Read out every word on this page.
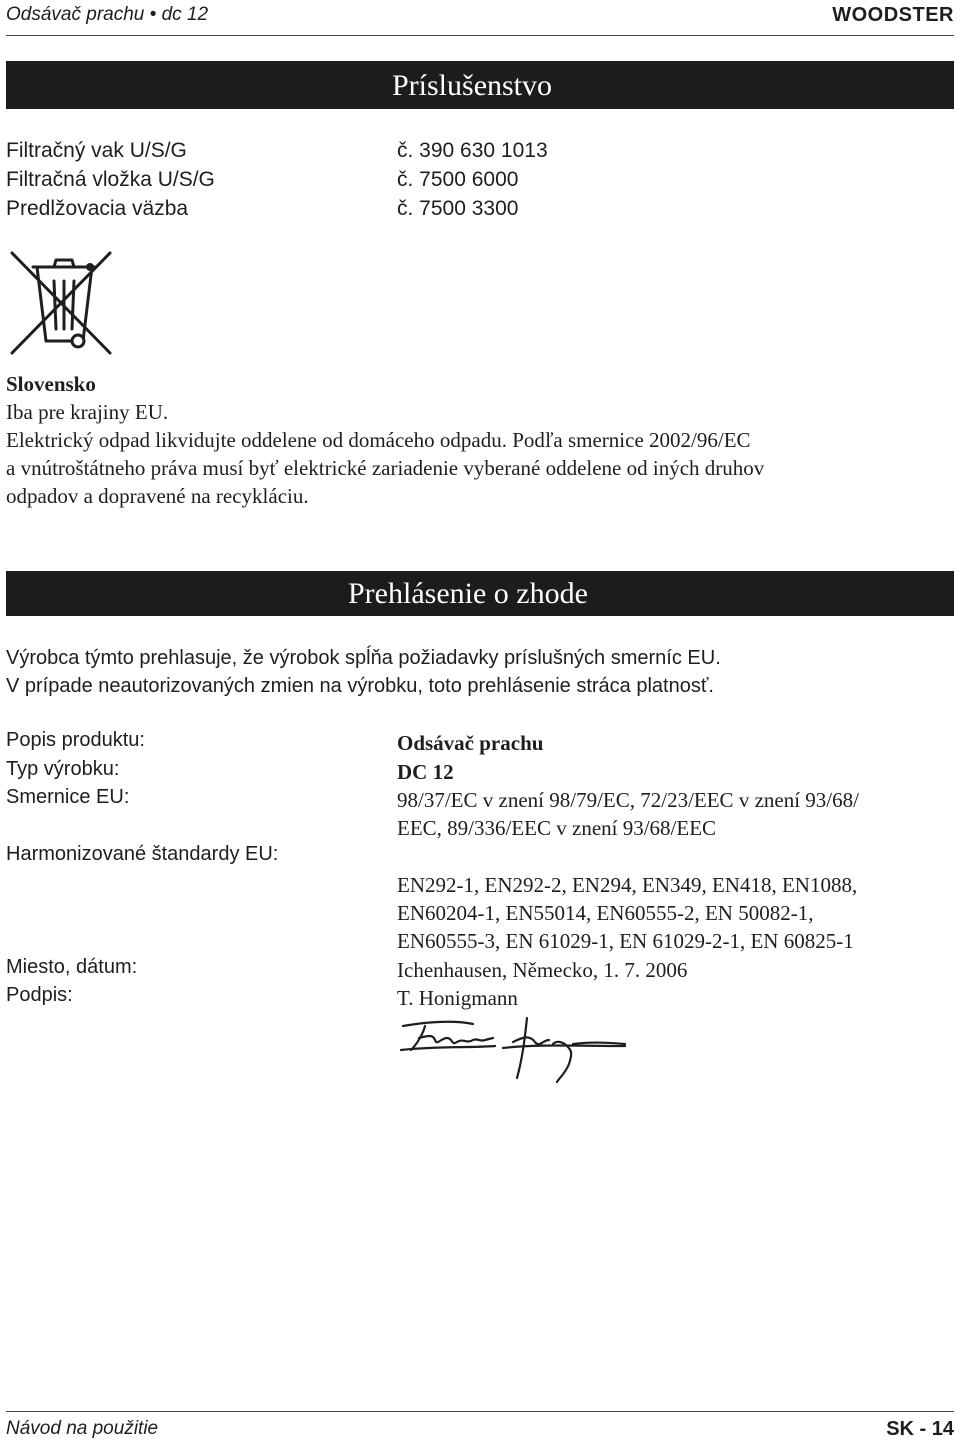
Odsávač prachu • dc 12	WOODSTER
Príslušenstvo
Filtračný vak U/S/G	č. 390 630 1013
Filtračná vložka U/S/G	č. 7500 6000
Predlžovacia väzba	č. 7500 3300
Slovensko
Iba pre krajiny EU.
Elektrický odpad likvidujte oddelene od domáceho odpadu. Podľa smernice 2002/96/EC
a vnútroštátneho práva musí byť elektrické zariadenie vyberané oddelene od iných druhov
odpadov a dopravené na recykláciu.
Prehlásenie o zhode
Výrobca týmto prehlasuje, že výrobok spĺňa požiadavky príslušných smerníc EU.
V prípade neautorizovaných zmien na výrobku, toto prehlásenie stráca platnosť.
Popis produktu:	Odsávač prachu
Typ výrobku:	DC 12
Smernice EU:	98/37/EC v znení 98/79/EC, 72/23/EEC v znení 93/68/
EEC, 89/336/EEC v znení 93/68/EEC
Harmonizované štandardy EU:
EN292-1, EN292-2, EN294, EN349, EN418, EN1088,
EN60204-1, EN55014, EN60555-2, EN 50082-1,
EN60555-3, EN 61029-1, EN 61029-2-1, EN 60825-1
Miesto, dátum:	Ichenhausen, Německo, 1. 7. 2006
Podpis:	T. Honigmann
Návod na použitie	SK - 14
